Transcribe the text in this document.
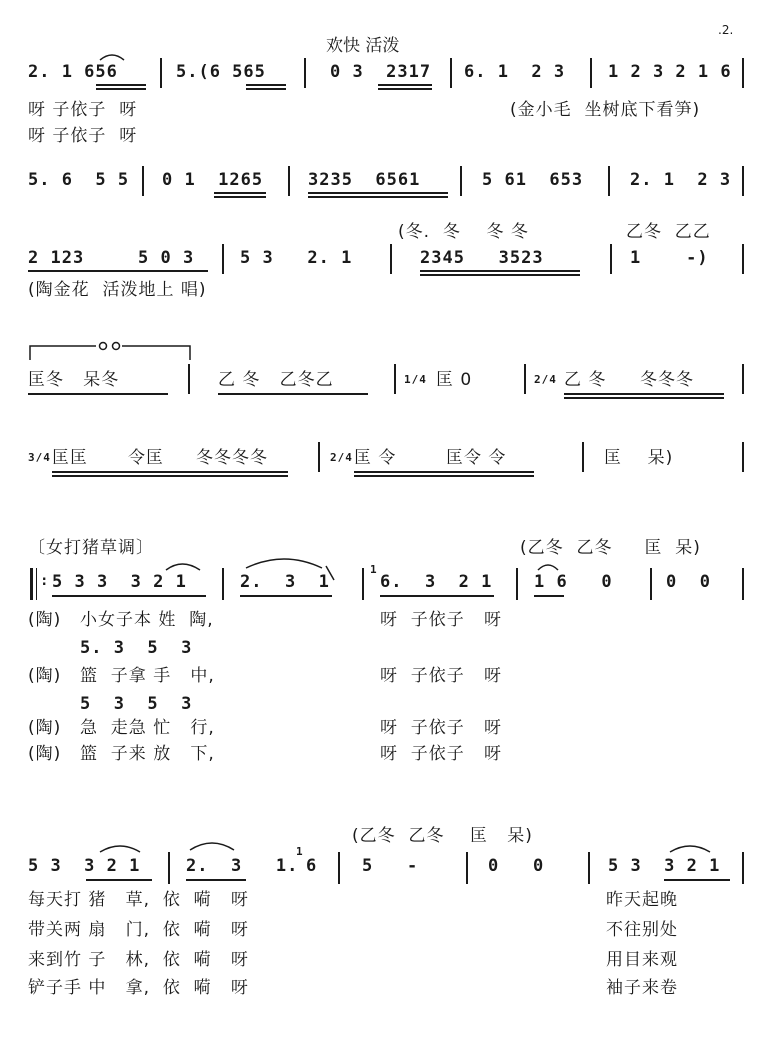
.2.
欢快 活泼
2. 1 656	5.(6 565	0 3  2317 6. 1  2 3	1 2 3 2 1 6
呀 子依子  呀	(金小毛  坐树底下看笋)
呀 子依子  呀
5. 6  5 5 0 1  1265	3235  6561	5 61  653	2. 1  2 3
(冬.  冬    冬 冬	乙冬  乙乙
2 123	5 0 3	5 3   2. 1	2345   3523	1    -)
(陶金花  活泼地上 唱)
匡冬   呆冬	乙 冬   乙冬乙	1/4 匡 0	2/4 乙 冬 冬冬冬
3/4 匡匡 令匡 冬冬冬冬	2/4 匡 令	匡令 令	匡    呆)
〔女打猪草调〕	(乙冬  乙冬     匡  呆)
: 5 3 3  3 2 1	2.  3  1
1
6.  3  2 1 1 6   0	0  0
(陶) 小女子本 姓  陶,	呀  子依子   呀
5. 3  5  3
(陶) 篮  子拿 手   中,	呀  子依子   呀
5  3  5  3
(陶) 急  走急 忙   行,	呀  子依子   呀
(陶) 篮  子来 放   下,	呀  子依子   呀
(乙冬  乙冬    匡   呆)
5 3  3 2 1	2.  3   1.
1
6	5   -	0   0	5 3  3 2 1
每天打 猪   草,  依  嗬   呀	昨天起晚
带关两 扇   门,  依  嗬   呀	不往别处
来到竹 子   林,  依  嗬   呀	用目来观
铲子手 中   拿,  依  嗬   呀	袖子来卷
